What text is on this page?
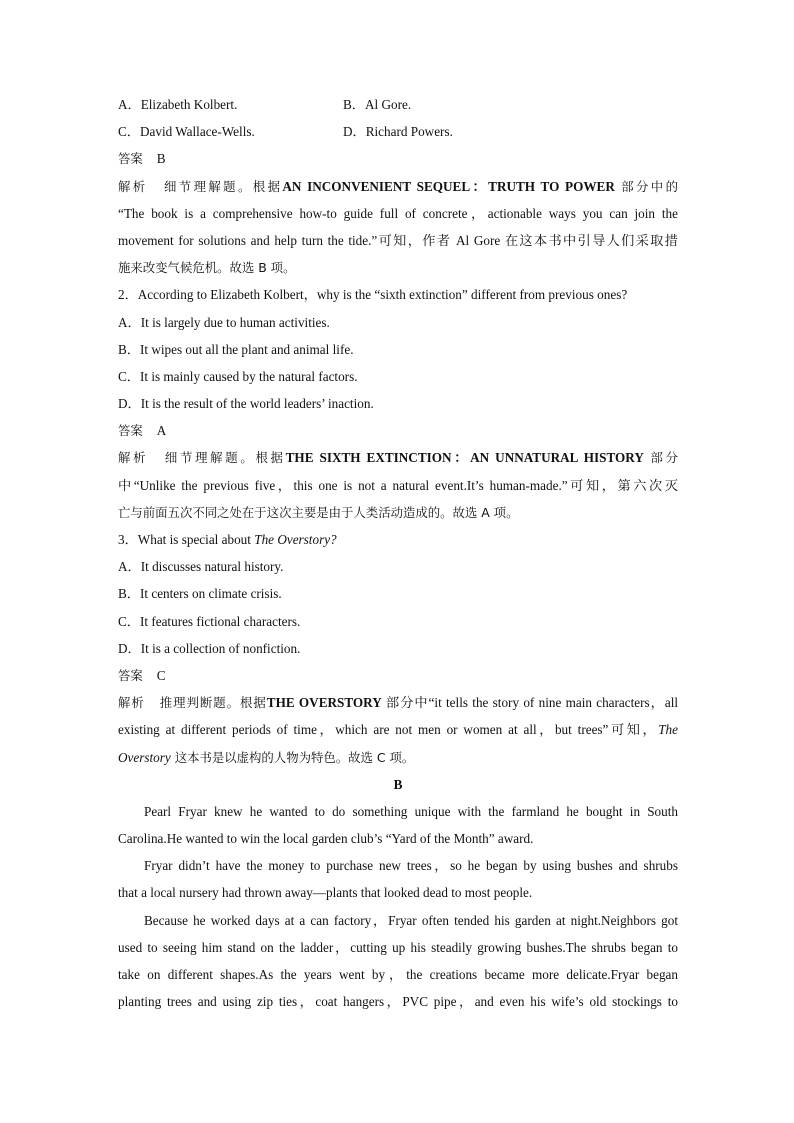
A．Elizabeth Kolbert.	B．Al Gore.
C．David Wallace-Wells.	D．Richard Powers.
答案 B
解析 细节理解题。根据AN INCONVENIENT SEQUEL：TRUTH TO POWER 部分中的
“The book is a comprehensive how-to guide full of concrete，actionable ways you can join the
movement for solutions and help turn the tide.”可知，作者 Al Gore 在这本书中引导人们采取措
施来改变气候危机。故选 B 项。
2．According to Elizabeth Kolbert，why is the “sixth extinction” different from previous ones?
A．It is largely due to human activities.
B．It wipes out all the plant and animal life.
C．It is mainly caused by the natural factors.
D．It is the result of the world leaders’ inaction.
答案 A
解析 细节理解题。根据THE SIXTH EXTINCTION：AN UNNATURAL HISTORY 部分
中“Unlike the previous five，this one is not a natural event.It’s human-made.”可知，第六次灭
亡与前面五次不同之处在于这次主要是由于人类活动造成的。故选 A 项。
3．What is special about The Overstory?
A．It discusses natural history.
B．It centers on climate crisis.
C．It features fictional characters.
D．It is a collection of nonfiction.
答案 C
解析 推理判断题。根据THE OVERSTORY 部分中“it tells the story of nine main characters，all
existing at different periods of time，which are not men or women at all，but trees”可知，The
Overstory 这本书是以虚构的人物为特色。故选 C 项。
B
Pearl Fryar knew he wanted to do something unique with the farmland he bought in South
Carolina.He wanted to win the local garden club’s “Yard of the Month” award.
Fryar didn’t have the money to purchase new trees，so he began by using bushes and shrubs
that a local nursery had thrown away—plants that looked dead to most people.
Because he worked days at a can factory，Fryar often tended his garden at night.Neighbors got
used to seeing him stand on the ladder，cutting up his steadily growing bushes.The shrubs began to
take on different shapes.As the years went by，the creations became more delicate.Fryar began
planting trees and using zip ties，coat hangers，PVC pipe，and even his wife’s old stockings to
